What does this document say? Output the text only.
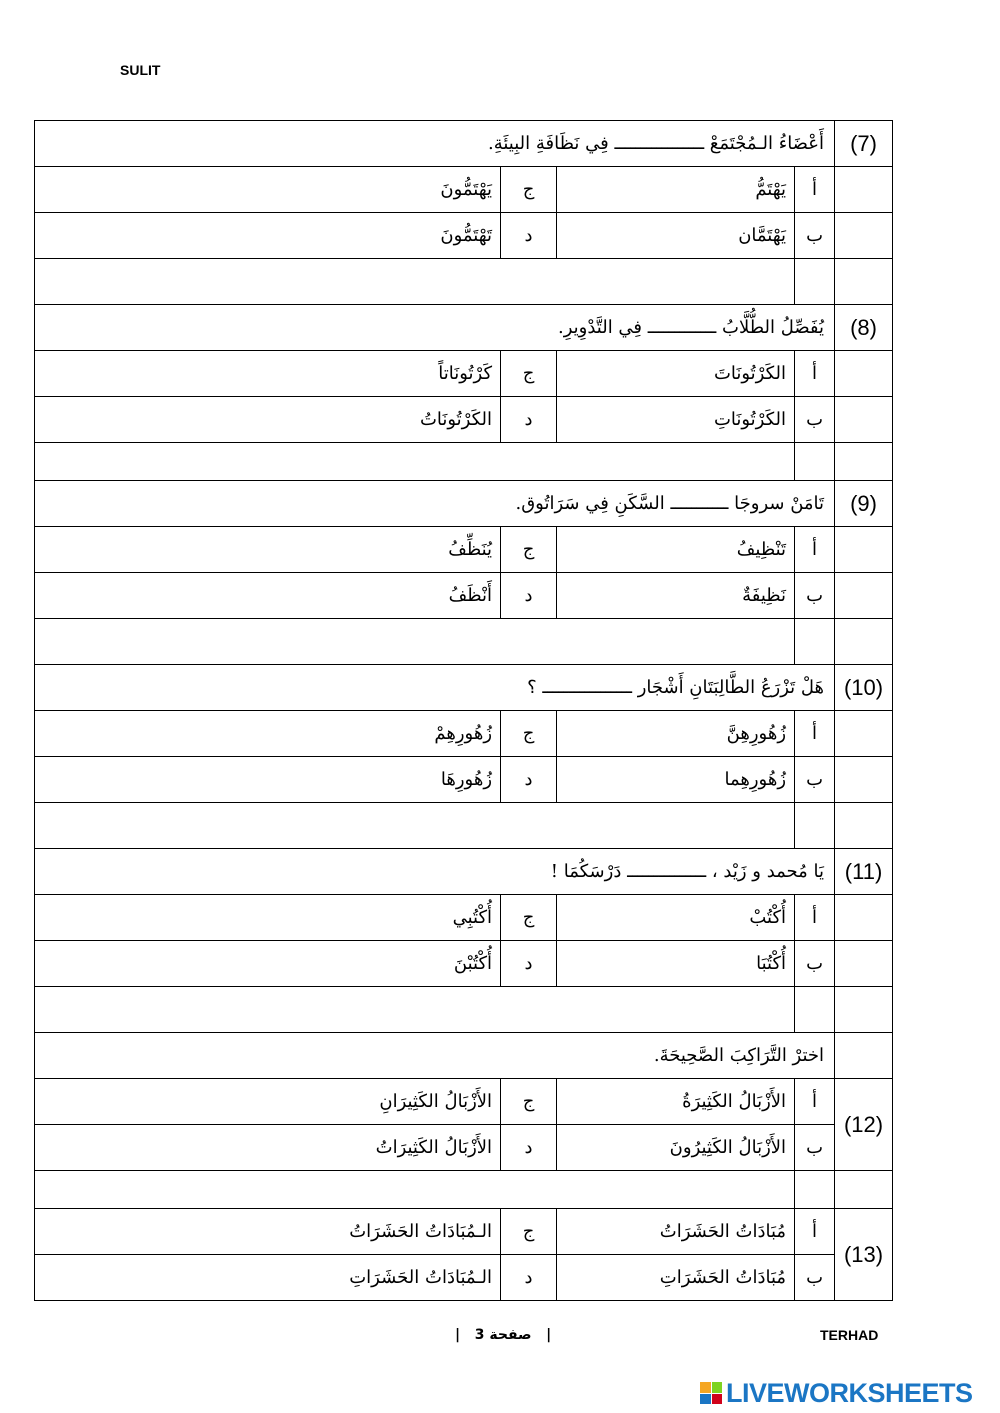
SULIT
(7)	أَعْضَاءُ الـمُجْتَمَعْ ـــــــــــــــــ فِي نَظَافَةِ البِيئَةِ.			
	أ	يَهْتَمُّ	ج	يَهْتَمُّونَ
	ب	يَهْتَمَّان	د	تَهْتَمُّونَ

(8)	يُفَصِّلُ الطُّلَّابُ ـــــــــــــ فِي التَّدْوِيرِ.			
	أ	الكَرْتُونَاتَ	ج	كَرْتُونَاتاً
	ب	الكَرْتُونَاتِ	د	الكَرْتُونَاتُ

(9)	تَامَنْ سروجَا ـــــــــــ السَّكَنِ فِي سَرَاتُوق.			
	أ	تَنْظِيفُ	ج	يُنَظِّفُ
	ب	نَظِيفَةٌ	د	أَنْظَفُ

(10)	هَلْ تَزْرَعُ الطَّالِبَتَانِ أَشْجَار ـــــــــــــــــ ؟			
	أ	زُهُورِهِنَّ	ج	زُهُورِهِمْ
	ب	زُهُورِهِما	د	زُهُورِهَا

(11)	يَا مُحمد و زَيْد ، ـــــــــــــــ دَرْسَكُمَا !			
	أ	أُكْتُبْ	ج	أُكْتُبِي
	ب	أُكْتُبَا	د	أُكْتُبْنَ

	اخترْ التَّرَاكِبَ الصَّحِيحَةَ.			
(12)	أ	الأَزْبَالُ الكَثِيرَةُ	ج	الأَزْبَالُ الكَثِيرَانِ
	ب	الأَزْبَالُ الكَثِيرُونَ	د	الأَزْبَالُ الكَثِيرَاتُ

(13)	أ	مُبَادَاتُ الحَشَرَاتُ	ج	الـمُبَادَاتُ الحَشَرَاتُ
	ب	مُبَادَاتُ الحَشَرَاتِ	د	الـمُبَادَاتُ الحَشَرَاتِ
|   صفحة 3   |	TERHAD
LIVEWORKSHEETS
